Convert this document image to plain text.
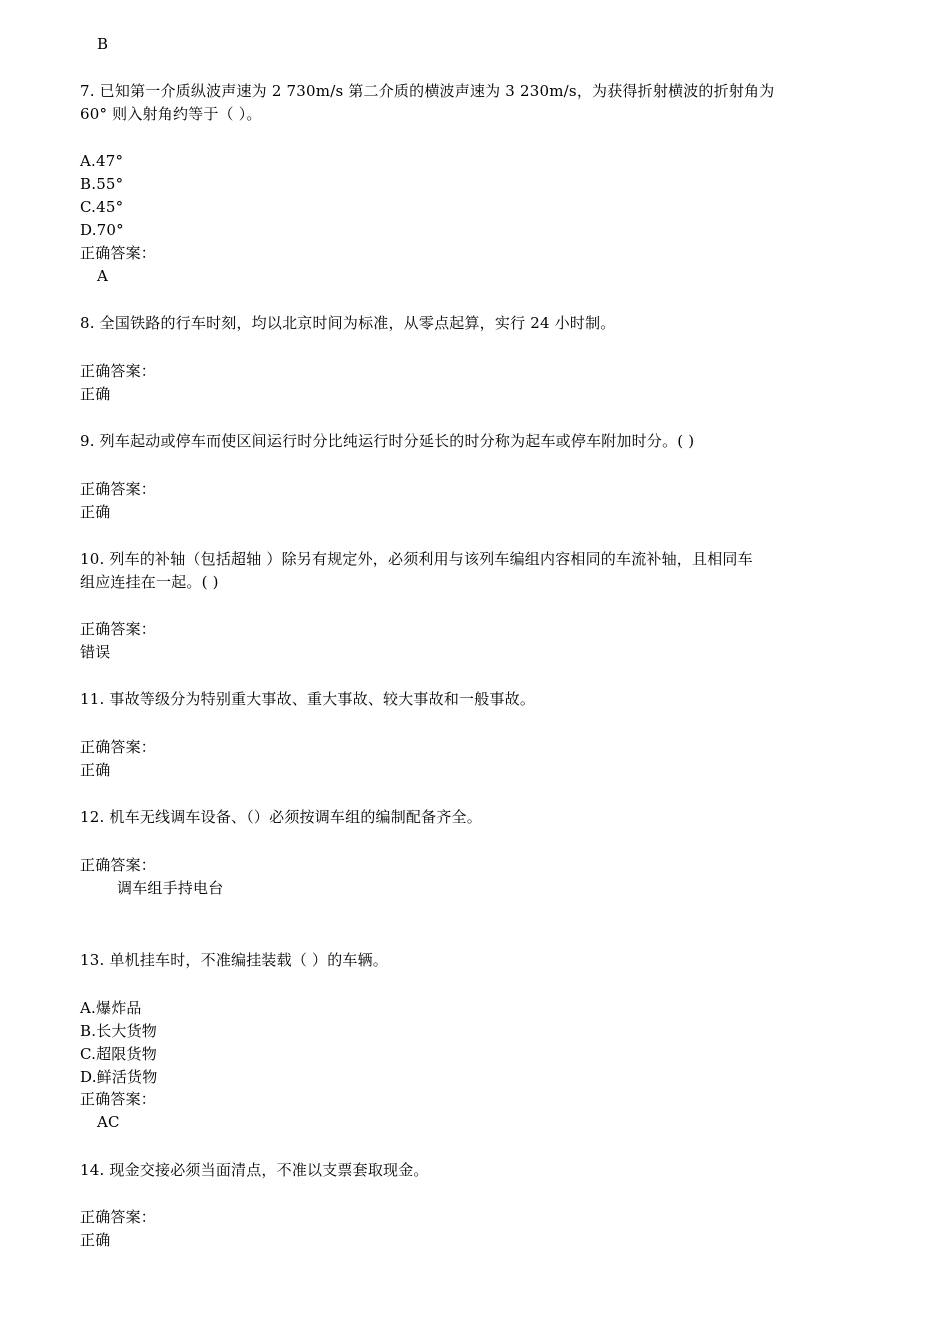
B
7. 已知第一介质纵波声速为 2 730m/s 第二介质的横波声速为 3 230m/s，为获得折射横波的折射角为
60° 则入射角约等于（ ）。
A.47°
B.55°
C.45°
D.70°
正确答案：
A
8. 全国铁路的行车时刻，均以北京时间为标准，从零点起算，实行 24 小时制。
正确答案：
正确
9. 列车起动或停车而使区间运行时分比纯运行时分延长的时分称为起车或停车附加时分。( )
正确答案：
正确
10. 列车的补轴（包括超轴 ）除另有规定外，必须利用与该列车编组内容相同的车流补轴，且相同车
组应连挂在一起。( )
正确答案：
错误
11. 事故等级分为特别重大事故、重大事故、较大事故和一般事故。
正确答案：
正确
12. 机车无线调车设备、（）必须按调车组的编制配备齐全。
正确答案：
调车组手持电台
13. 单机挂车时，不准编挂装载（ ）的车辆。
A.爆炸品
B.长大货物
C.超限货物
D.鲜活货物
正确答案：
AC
14. 现金交接必须当面清点，不准以支票套取现金。
正确答案：
正确
